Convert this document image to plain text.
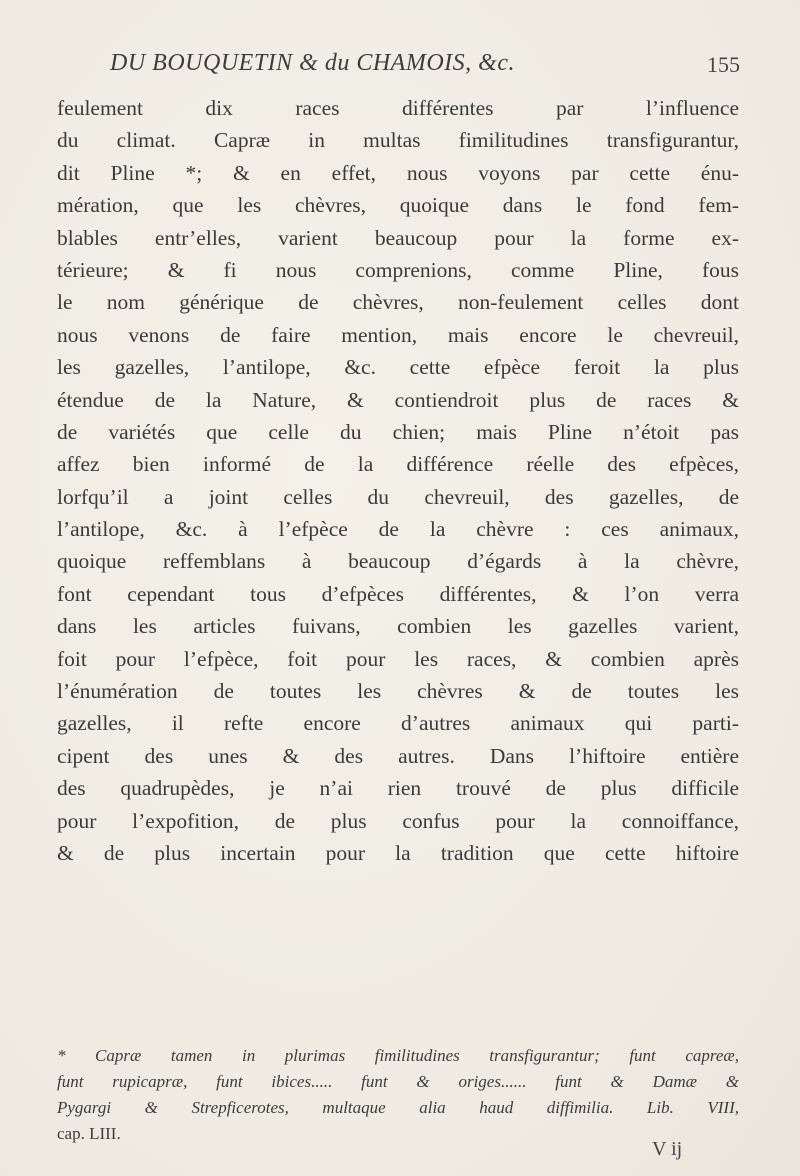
DU BOUQUETIN & du CHAMOIS, &c.	155
feulement dix races différentes par l’influence
du climat. Capræ in multas fimilitudines transfigurantur,
dit Pline *; & en effet, nous voyons par cette énu-
mération, que les chèvres, quoique dans le fond fem-
blables entr’elles, varient beaucoup pour la forme ex-
térieure; & fi nous comprenions, comme Pline, fous
le nom générique de chèvres, non-feulement celles dont
nous venons de faire mention, mais encore le chevreuil,
les gazelles, l’antilope, &c. cette efpèce feroit la plus
étendue de la Nature, & contiendroit plus de races &
de variétés que celle du chien; mais Pline n’étoit pas
affez bien informé de la différence réelle des efpèces,
lorfqu’il a joint celles du chevreuil, des gazelles, de
l’antilope, &c. à l’efpèce de la chèvre : ces animaux,
quoique reffemblans à beaucoup d’égards à la chèvre,
font cependant tous d’efpèces différentes, & l’on verra
dans les articles fuivans, combien les gazelles varient,
foit pour l’efpèce, foit pour les races, & combien après
l’énumération de toutes les chèvres & de toutes les
gazelles, il refte encore d’autres animaux qui parti-
cipent des unes & des autres. Dans l’hiftoire entière
des quadrupèdes, je n’ai rien trouvé de plus difficile
pour l’expofition, de plus confus pour la connoiffance,
& de plus incertain pour la tradition que cette hiftoire
* Capræ tamen in plurimas fimilitudines transfigurantur; funt capreæ,
funt rupicapræ, funt ibices..... funt & origes...... funt & Damæ &
Pygargi & Strepficerotes, multaque alia haud diffimilia. Lib. VIII,
cap. LIII.
V ij
